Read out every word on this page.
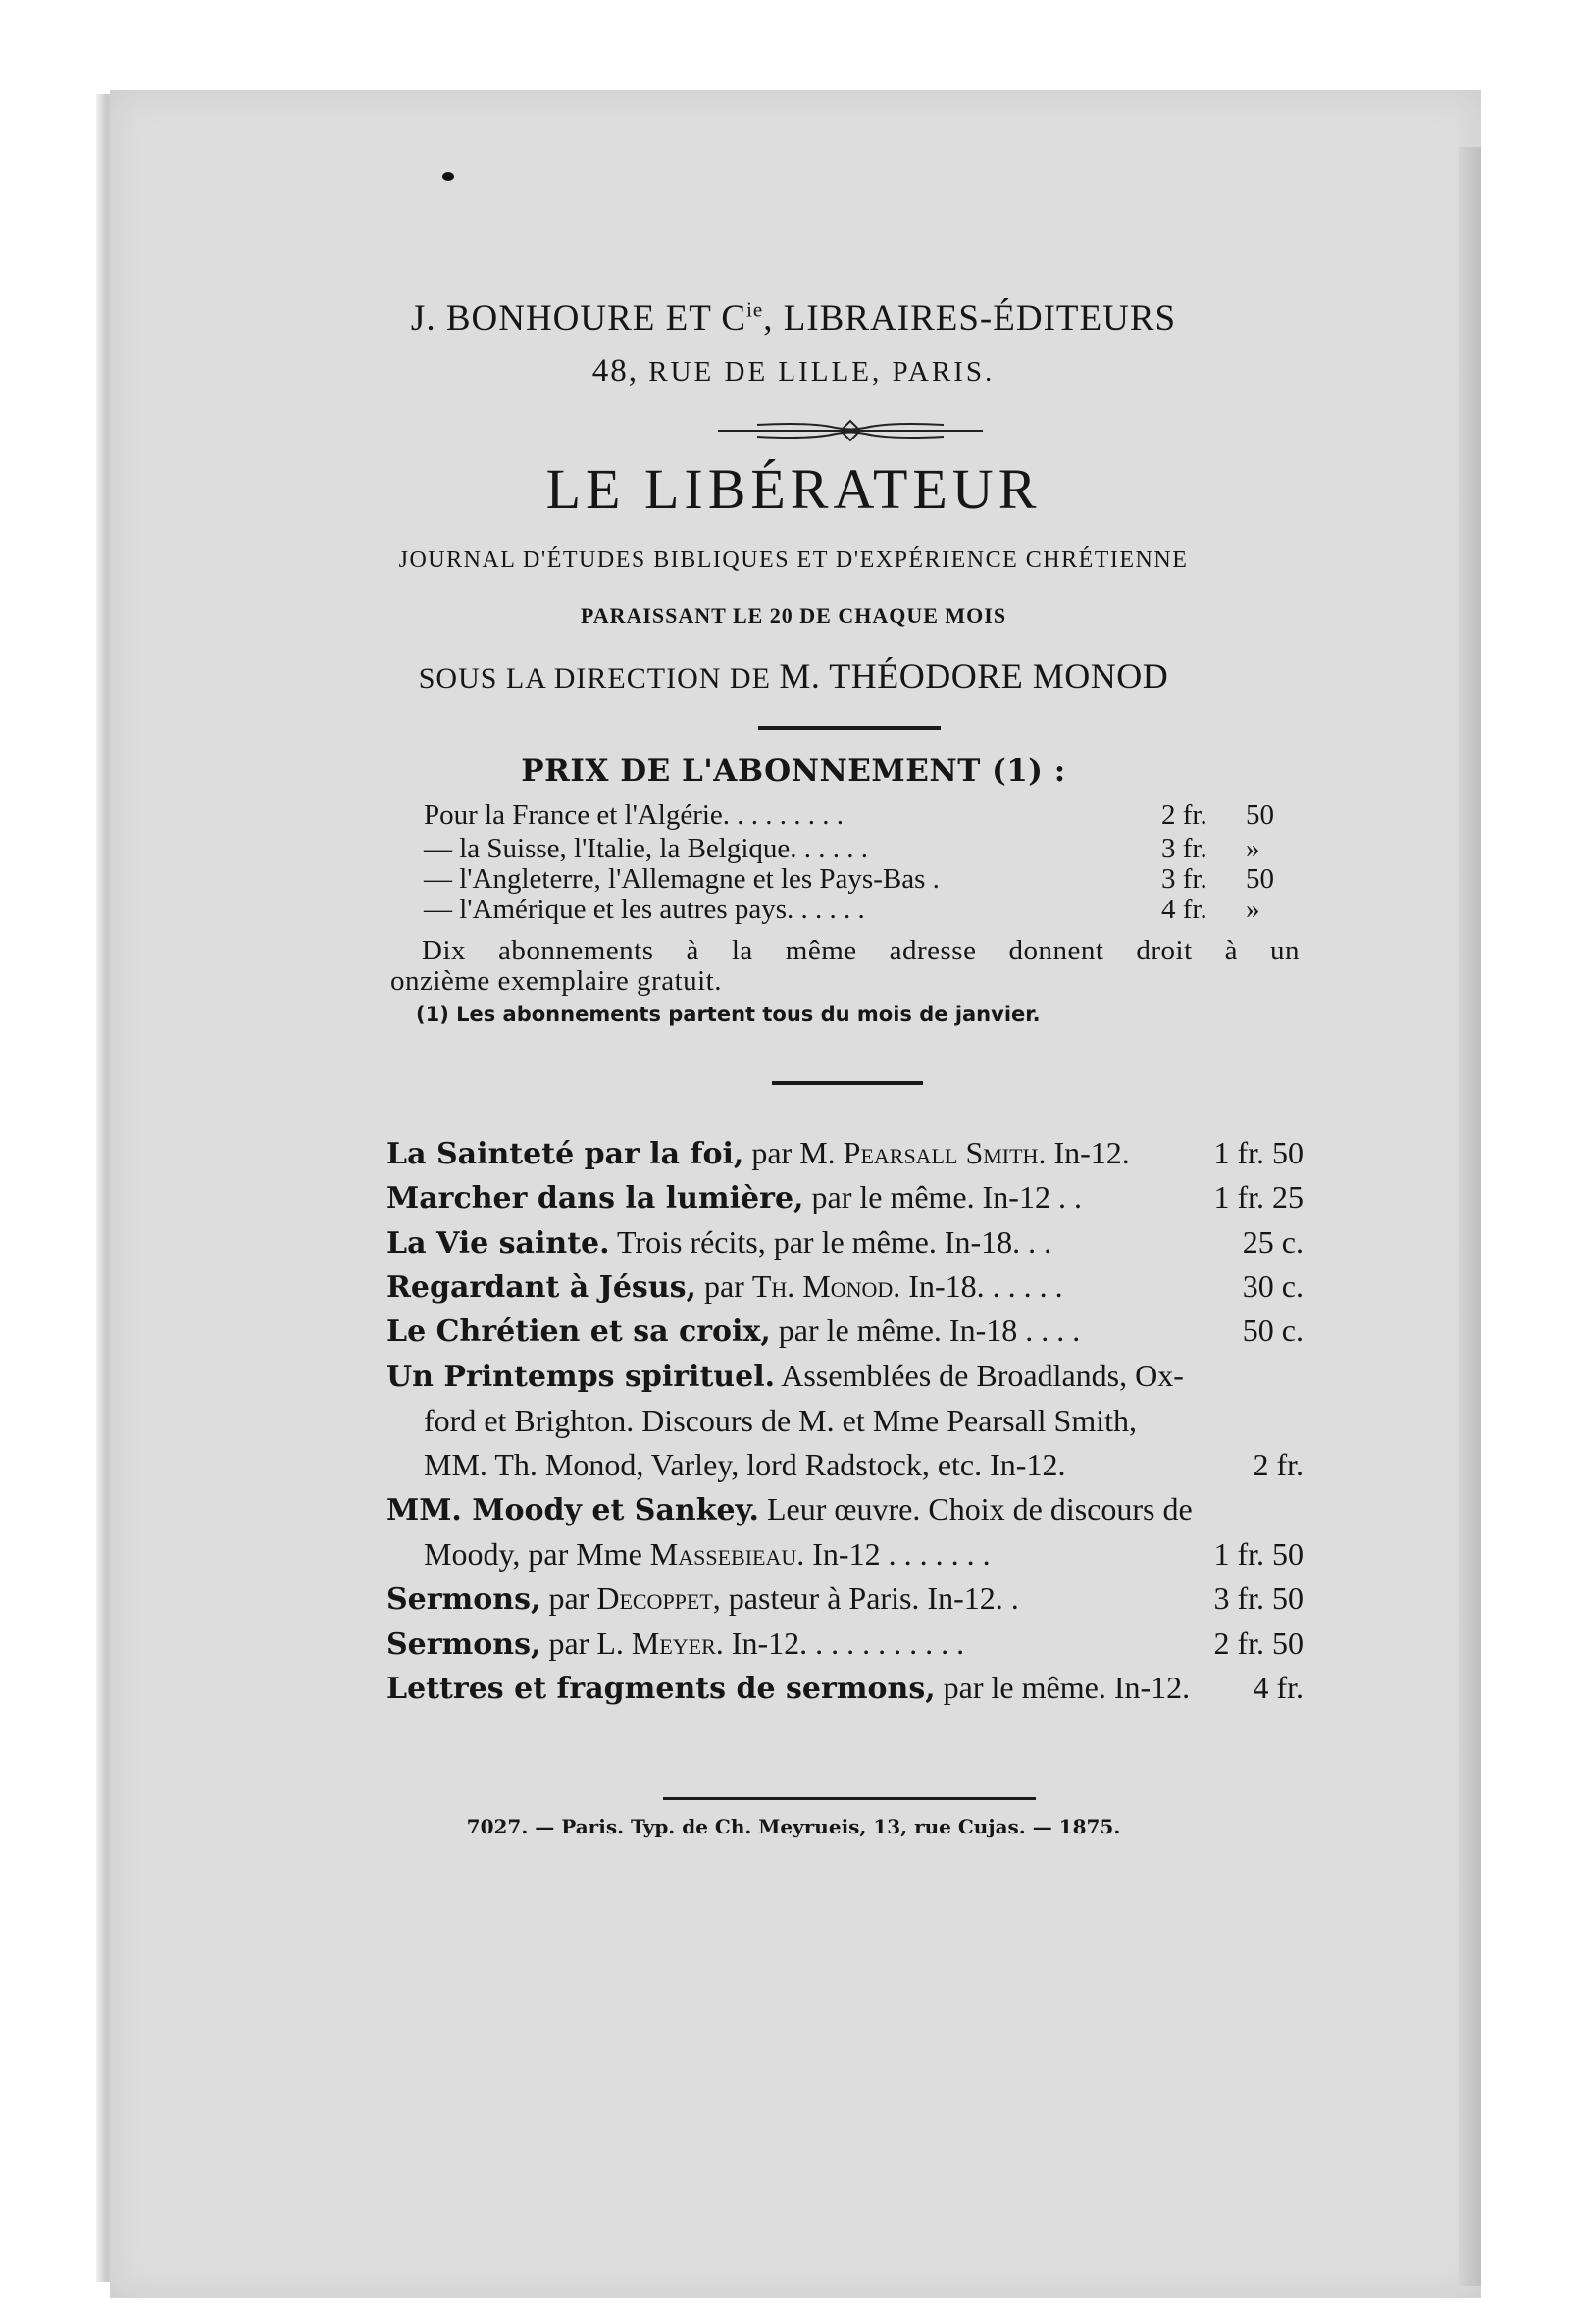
J. BONHOURE ET $C^{ie}$, LIBRAIRES-ÉDITEURS
48, RUE DE LILLE, PARIS.
LE LIBÉRATEUR
JOURNAL D'ÉTUDES BIBLIQUES ET D'EXPÉRIENCE CHRÉTIENNE
PARAISSANT LE 20 DE CHAQUE MOIS
SOUS LA DIRECTION DE M. THÉODORE MONOD
PRIX DE L'ABONNEMENT (1) :
Pour la France et l'Algérie. . . . . . . . .	2 fr. 50
— la Suisse, l'Italie, la Belgique. . . . . .	3 fr. »
— l'Angleterre, l'Allemagne et les Pays-Bas .	3 fr. 50
— l'Amérique et les autres pays. . . . . .	4 fr. »
Dix abonnements à la même adresse donnent droit à un
onzième exemplaire gratuit.
(1) Les abonnements partent tous du mois de janvier.
La Sainteté par la foi, par M. Pearsall Smith. In-12.	1 fr. 50
Marcher dans la lumière, par le même. In-12 . .	1 fr. 25
La Vie sainte. Trois récits, par le même. In-18. . .	25 c.
Regardant à Jésus, par Th. Monod. In-18. . . . . .	30 c.
Le Chrétien et sa croix, par le même. In-18 . . . .	50 c.
Un Printemps spirituel. Assemblées de Broadlands, Ox-
ford et Brighton. Discours de M. et Mme Pearsall Smith,
MM. Th. Monod, Varley, lord Radstock, etc. In-12.	2 fr.
MM. Moody et Sankey. Leur œuvre. Choix de discours de
Moody, par Mme Massebieau. In-12 . . . . . . .	1 fr. 50
Sermons, par Decoppet, pasteur à Paris. In-12. .	3 fr. 50
Sermons, par L. Meyer. In-12. . . . . . . . . . .	2 fr. 50
Lettres et fragments de sermons, par le même. In-12. 4 fr.
7027. — Paris. Typ. de Ch. Meyrueis, 13, rue Cujas. — 1875.
